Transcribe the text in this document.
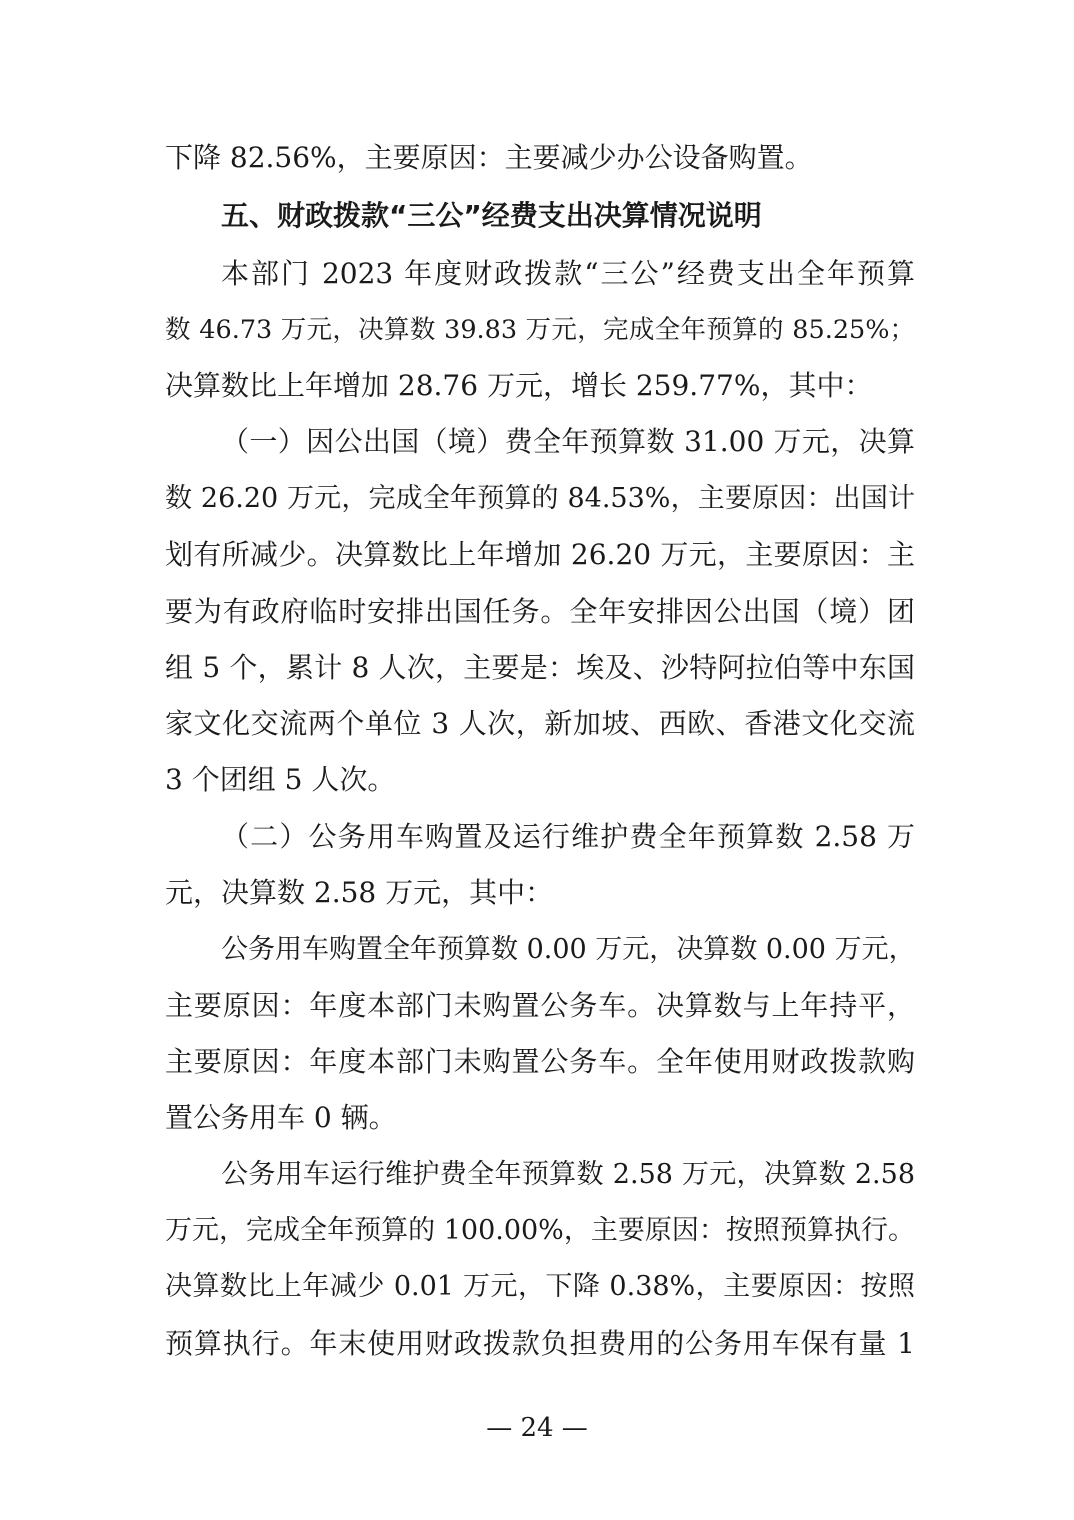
下降 82.56%，主要原因：主要减少办公设备购置。
五、财政拨款“三公”经费支出决算情况说明
本部门 2023 年度财政拨款“三公”经费支出全年预算
数 46.73 万元，决算数 39.83 万元，完成全年预算的 85.25%；
决算数比上年增加 28.76 万元，增长 259.77%，其中：
（一）因公出国（境）费全年预算数 31.00 万元，决算
数 26.20 万元，完成全年预算的 84.53%，主要原因：出国计
划有所减少。决算数比上年增加 26.20 万元，主要原因：主
要为有政府临时安排出国任务。全年安排因公出国（境）团
组 5 个，累计 8 人次，主要是：埃及、沙特阿拉伯等中东国
家文化交流两个单位 3 人次，新加坡、西欧、香港文化交流
3 个团组 5 人次。
（二）公务用车购置及运行维护费全年预算数 2.58 万
元，决算数 2.58 万元，其中：
公务用车购置全年预算数 0.00 万元，决算数 0.00 万元，
主要原因：年度本部门未购置公务车。决算数与上年持平，
主要原因：年度本部门未购置公务车。全年使用财政拨款购
置公务用车 0 辆。
公务用车运行维护费全年预算数 2.58 万元，决算数 2.58
万元，完成全年预算的 100.00%，主要原因：按照预算执行。
决算数比上年减少 0.01 万元，下降 0.38%，主要原因：按照
预算执行。年末使用财政拨款负担费用的公务用车保有量 1
— 24 —
